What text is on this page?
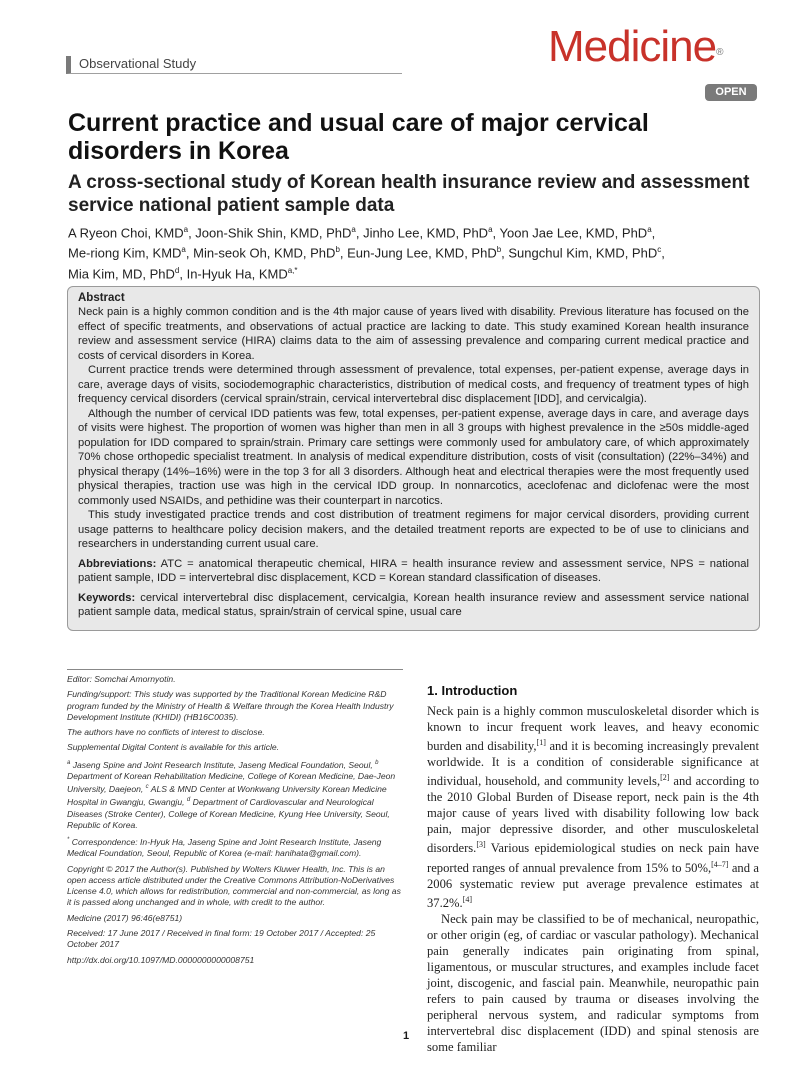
Observational Study	Medicine®
OPEN
Current practice and usual care of major cervical disorders in Korea
A cross-sectional study of Korean health insurance review and assessment service national patient sample data
A Ryeon Choi, KMD$^a$, Joon-Shik Shin, KMD, PhD$^a$, Jinho Lee, KMD, PhD$^a$, Yoon Jae Lee, KMD, PhD$^a$,
Me-riong Kim, KMD$^a$, Min-seok Oh, KMD, PhD$^b$, Eun-Jung Lee, KMD, PhD$^b$, Sungchul Kim, KMD, PhD$^c$,
Mia Kim, MD, PhD$^d$, In-Hyuk Ha, $KMD^{a,*}$
Abstract

Neck pain is a highly common condition and is the 4th major cause of years lived with disability. Previous literature has focused on the effect of specific treatments, and observations of actual practice are lacking to date. This study examined Korean health insurance review and assessment service (HIRA) claims data to the aim of assessing prevalence and comparing current medical practice and costs of cervical disorders in Korea.

Current practice trends were determined through assessment of prevalence, total expenses, per-patient expense, average days in care, average days of visits, sociodemographic characteristics, distribution of medical costs, and frequency of treatment types of high frequency cervical disorders (cervical sprain/strain, cervical intervertebral disc displacement [IDD], and cervicalgia).

Although the number of cervical IDD patients was few, total expenses, per-patient expense, average days in care, and average days of visits were highest. The proportion of women was higher than men in all 3 groups with highest prevalence in the ≥50s middle-aged population for IDD compared to sprain/strain. Primary care settings were commonly used for ambulatory care, of which approximately 70% chose orthopedic specialist treatment. In analysis of medical expenditure distribution, costs of visit (consultation) (22%–34%) and physical therapy (14%–16%) were in the top 3 for all 3 disorders. Although heat and electrical therapies were the most frequently used physical therapies, traction use was high in the cervical IDD group. In nonnarcotics, aceclofenac and diclofenac were the most commonly used NSAIDs, and pethidine was their counterpart in narcotics.

This study investigated practice trends and cost distribution of treatment regimens for major cervical disorders, providing current usage patterns to healthcare policy decision makers, and the detailed treatment reports are expected to be of use to clinicians and researchers in understanding current usual care.

Abbreviations: ATC = anatomical therapeutic chemical, HIRA = health insurance review and assessment service, NPS = national patient sample, IDD = intervertebral disc displacement, KCD = Korean standard classification of diseases.

Keywords: cervical intervertebral disc displacement, cervicalgia, Korean health insurance review and assessment service national patient sample data, medical status, sprain/strain of cervical spine, usual care

Editor: Somchai Amornyotin.

Funding/support: This study was supported by the Traditional Korean Medicine R&D program funded by the Ministry of Health & Welfare through the Korea Health Industry Development Institute (KHIDI) (HB16C0035).

The authors have no conflicts of interest to disclose.

Supplemental Digital Content is available for this article.

$^a$ Jaseng Spine and Joint Research Institute, Jaseng Medical Foundation, Seoul, $^b$ Department of Korean Rehabilitation Medicine, College of Korean Medicine, Dae-Jeon University, Daejeon, $^c$ ALS & MND Center at Wonkwang University Korean Medicine Hospital in Gwangju, Gwangju, $^d$ Department of Cardiovascular and Neurological Diseases (Stroke Center), College of Korean Medicine, Kyung Hee University, Seoul, Republic of Korea.

* Correspondence: In-Hyuk Ha, Jaseng Spine and Joint Research Institute, Jaseng Medical Foundation, Seoul, Republic of Korea (e-mail: hanihata@gmail.com).

Copyright © 2017 the Author(s). Published by Wolters Kluwer Health, Inc. This is an open access article distributed under the Creative Commons Attribution-NoDerivatives License 4.0, which allows for redistribution, commercial and non-commercial, as long as it is passed along unchanged and in whole, with credit to the author.

Medicine (2017) 96:46(e8751)

Received: 17 June 2017 / Received in final form: 19 October 2017 / Accepted: 25 October 2017

http://dx.doi.org/10.1097/MD.0000000000008751

1. Introduction

Neck pain is a highly common musculoskeletal disorder which is known to incur frequent work leaves, and heavy economic burden and disability,[1] and it is becoming increasingly prevalent worldwide. It is a condition of considerable significance at individual, household, and community levels,[2] and according to the 2010 Global Burden of Disease report, neck pain is the 4th major cause of years lived with disability following low back pain, major depressive disorder, and other musculoskeletal disorders.[3] Various epidemiological studies on neck pain have reported ranges of annual prevalence from 15% to 50%,[4–7] and a 2006 systematic review put average prevalence estimates at 37.2%.[4]

Neck pain may be classified to be of mechanical, neuropathic, or other origin (eg, of cardiac or vascular pathology). Mechanical pain generally indicates pain originating from spinal, ligamentous, or muscular structures, and examples include facet joint, discogenic, and fascial pain. Meanwhile, neuropathic pain refers to pain caused by trauma or diseases involving the peripheral nervous system, and radicular symptoms from intervertebral disc displacement (IDD) and spinal stenosis are some familiar

1
